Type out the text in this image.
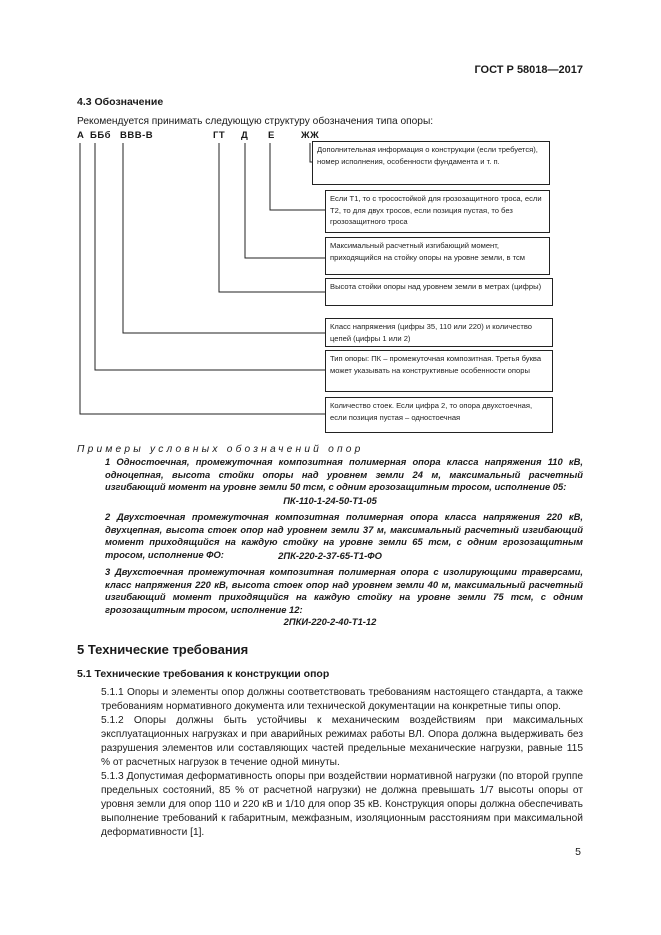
ГОСТ Р 58018—2017
4.3 Обозначение
Рекомендуется принимать следующую структуру обозначения типа опоры:
А ББб ВВВ-В	ГТ Д Е	ЖЖ
Дополнительная информация о конструкции (если требуется), номер исполнения, особенности фундамента и т. п.
Если Т1, то с тросостойкой для грозозащитного троса, если Т2, то для двух тросов, если позиция пустая, то без грозозащитного троса
Максимальный расчетный изгибающий момент, приходящийся на стойку опоры на уровне земли, в тсм
Высота стойки опоры над уровнем земли в метрах (цифры)
Класс напряжения (цифры 35, 110 или 220) и количество цепей (цифры 1 или 2)
Тип опоры: ПК – промежуточная композитная. Третья буква может указывать на конструктивные особенности опоры
Количество стоек. Если цифра 2, то опора двухстоечная, если позиция пустая – одностоечная
Примеры условных обозначений опор
1 Одностоечная, промежуточная композитная полимерная опора класса напряжения 110 кВ, одноцепная, высота стойки опоры над уровнем земли 24 м, максимальный расчетный изгибающий момент на уровне земли 50 тсм, с одним грозозащитным тросом, исполнение 05:
ПК-110-1-24-50-Т1-05
2 Двухстоечная промежуточная композитная полимерная опора класса напряжения 220 кВ, двухцепная, высота стоек опор над уровнем земли 37 м, максимальный расчетный изгибающий момент приходящийся на каждую стойку на уровне земли 65 тсм, с одним грозозащитным тросом, исполнение ФО:	2ПК-220-2-37-65-Т1-ФО
3 Двухстоечная промежуточная композитная полимерная опора с изолирующими траверсами, класс напряжения 220 кВ, высота стоек опор над уровнем земли 40 м, максимальный расчетный изгибающий момент приходящийся на каждую стойку на уровне земли 75 тсм, с одним грозозащитным тросом, исполнение 12:
2ПКИ-220-2-40-Т1-12
5 Технические требования
5.1 Технические требования к конструкции опор
5.1.1 Опоры и элементы опор должны соответствовать требованиям настоящего стандарта, а также требованиям нормативного документа или технической документации на конкретные типы опор.
5.1.2 Опоры должны быть устойчивы к механическим воздействиям при максимальных эксплуатационных нагрузках и при аварийных режимах работы ВЛ. Опора должна выдерживать без разрушения элементов или составляющих частей предельные механические нагрузки, равные 115 % от расчетных нагрузок в течение одной минуты.
5.1.3 Допустимая деформативность опоры при воздействии нормативной нагрузки (по второй группе предельных состояний, 85 % от расчетной нагрузки) не должна превышать 1/7 высоты опоры от уровня земли для опор 110 и 220 кВ и 1/10 для опор 35 кВ. Конструкция опоры должна обеспечивать выполнение требований к габаритным, межфазным, изоляционным расстояниям при максимальной деформативности [1].
5
